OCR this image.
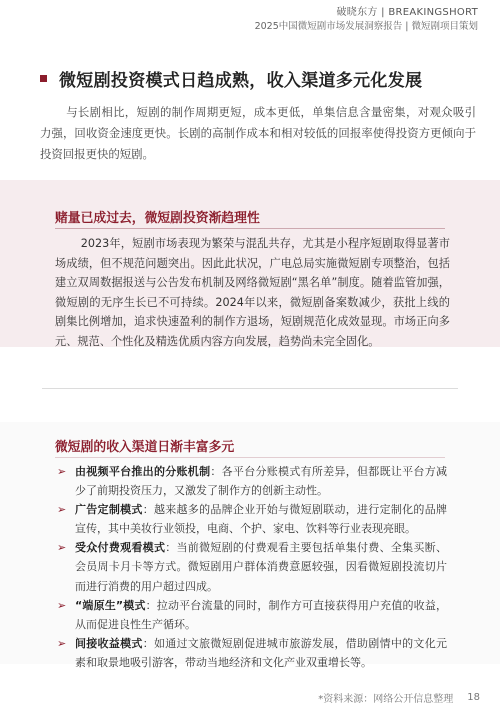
破晓东方 | BREAKINGSHORT
2025中国微短剧市场发展洞察报告 | 微短剧项目策划
微短剧投资模式日趋成熟，收入渠道多元化发展

与长剧相比，短剧的制作周期更短，成本更低，单集信息含量密集，对观众吸引力强，回收资金速度更快。长剧的高制作成本和相对较低的回报率使得投资方更倾向于投资回报更快的短剧。

赌量已成过去，微短剧投资渐趋理性

2023年，短剧市场表现为繁荣与混乱共存，尤其是小程序短剧取得显著市场成绩，但不规范问题突出。因此此状况，广电总局实施微短剧专项整治，包括建立双周数据报送与公告发布机制及网络微短剧“黑名单”制度。随着监管加强，微短剧的无序生长已不可持续。2024年以来，微短剧备案数减少，获批上线的剧集比例增加，追求快速盈利的制作方退场，短剧规范化成效显现。市场正向多元、规范、个性化及精选优质内容方向发展，趋势尚未完全固化。

微短剧的收入渠道日渐丰富多元
➢ 由视频平台推出的分账机制：各平台分账模式有所差异，但都既让平台方减少了前期投资压力，又激发了制作方的创新主动性。
➢ 广告定制模式：越来越多的品牌企业开始与微短剧联动，进行定制化的品牌宣传，其中美妆行业领投，电商、个护、家电、饮料等行业表现亮眼。
➢ 受众付费观看模式：当前微短剧的付费观看主要包括单集付费、全集买断、会员周卡月卡等方式。微短剧用户群体消费意愿较强，因看微短剧投流切片而进行消费的用户超过四成。
➢ “端原生”模式：拉动平台流量的同时，制作方可直接获得用户充值的收益，从而促进良性生产循环。
➢ 间接收益模式：如通过文旅微短剧促进城市旅游发展，借助剧情中的文化元素和取景地吸引游客，带动当地经济和文化产业双重增长等。
*资料来源：网络公开信息整理 18
